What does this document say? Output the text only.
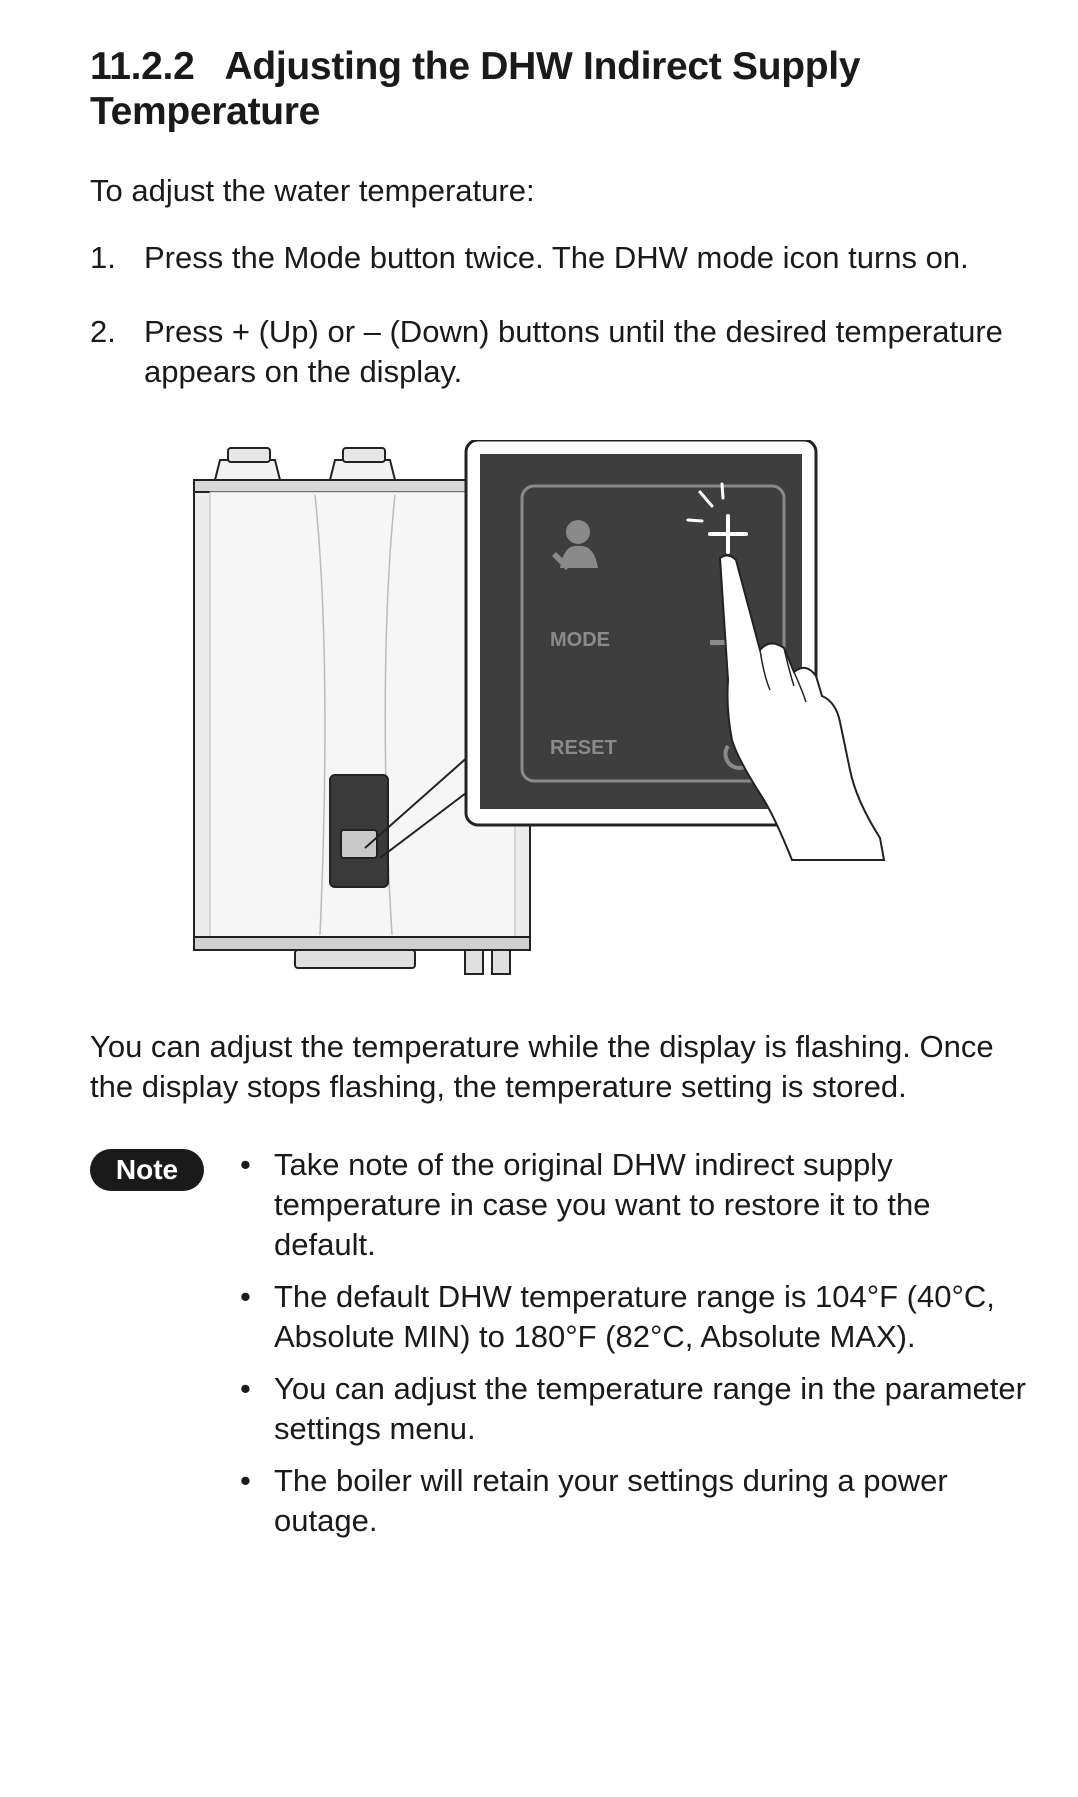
11.2.2 Adjusting the DHW Indirect Supply Temperature

To adjust the water temperature:

1. Press the Mode button twice. The DHW mode icon turns on.
2. Press + (Up) or – (Down) buttons until the desired temperature appears on the display.
MODE
RESET

You can adjust the temperature while the display is flashing. Once the display stops flashing, the temperature setting is stored.

Note
•	Take note of the original DHW indirect supply temperature in case you want to restore it to the default.
• The default DHW temperature range is 104°F (40°C, Absolute MIN) to 180°F (82°C, Absolute MAX).
• You can adjust the temperature range in the parameter settings menu.
• The boiler will retain your settings during a power outage.
